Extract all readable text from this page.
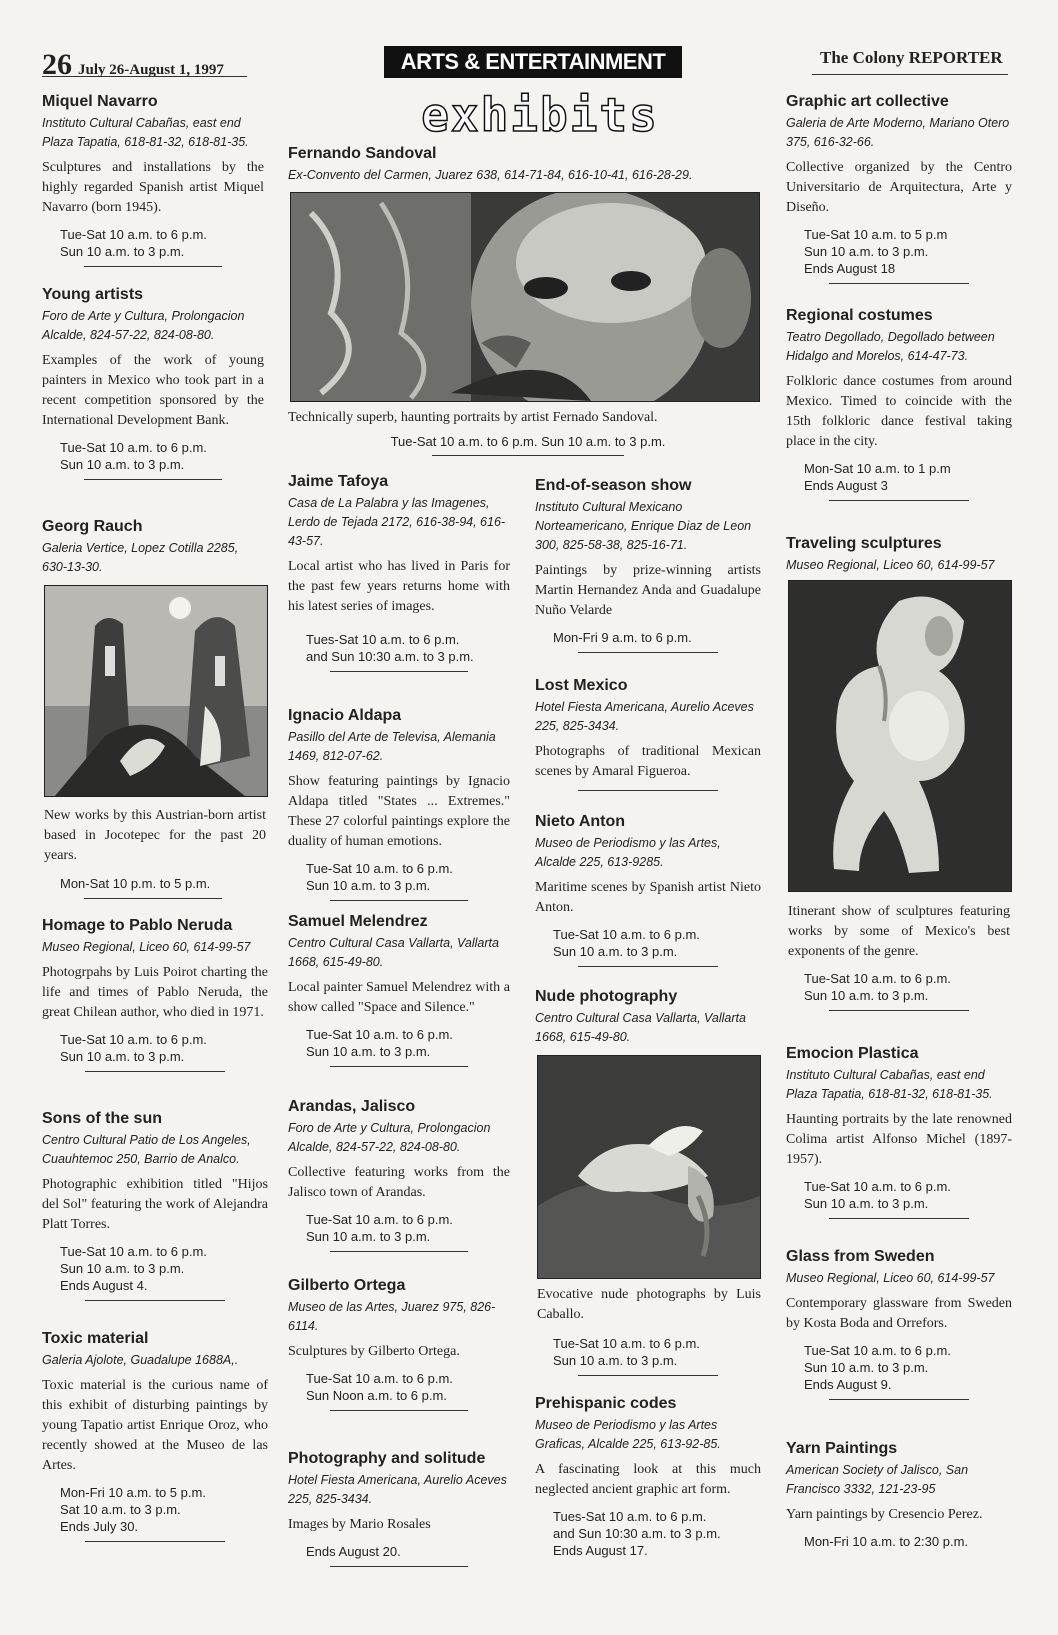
26 July 26-August 1, 1997	ARTS & ENTERTAINMENT	The Colony REPORTER
exhibits
Miquel Navarro
Instituto Cultural Cabañas, east end Plaza Tapatia, 618-81-32, 618-81-35.
Sculptures and installations by the highly regarded Spanish artist Miquel Navarro (born 1945).
Tue-Sat 10 a.m. to 6 p.m.
Sun 10 a.m. to 3 p.m.
Young artists
Foro de Arte y Cultura, Prolongacion Alcalde, 824-57-22, 824-08-80.
Examples of the work of young painters in Mexico who took part in a recent competition sponsored by the International Development Bank.
Tue-Sat 10 a.m. to 6 p.m.
Sun 10 a.m. to 3 p.m.
Georg Rauch
Galeria Vertice, Lopez Cotilla 2285, 630-13-30.
New works by this Austrian-born artist based in Jocotepec for the past 20 years.
Mon-Sat 10 p.m. to 5 p.m.
Homage to Pablo Neruda
Museo Regional, Liceo 60, 614-99-57
Photogrpahs by Luis Poirot charting the life and times of Pablo Neruda, the great Chilean author, who died in 1971.
Tue-Sat 10 a.m. to 6 p.m.
Sun 10 a.m. to 3 p.m.
Sons of the sun
Centro Cultural Patio de Los Angeles, Cuauhtemoc 250, Barrio de Analco.
Photographic exhibition titled "Hijos del Sol" featuring the work of Alejandra Platt Torres.
Tue-Sat 10 a.m. to 6 p.m.
Sun 10 a.m. to 3 p.m.
Ends August 4.
Toxic material
Galeria Ajolote, Guadalupe 1688A,.
Toxic material is the curious name of this exhibit of disturbing paintings by young Tapatio artist Enrique Oroz, who recently showed at the Museo de las Artes.
Mon-Fri 10 a.m. to 5 p.m.
Sat 10 a.m. to 3 p.m.
Ends July 30.
Fernando Sandoval
Ex-Convento del Carmen, Juarez 638, 614-71-84, 616-10-41, 616-28-29.
Technically superb, haunting portraits by artist Fernado Sandoval.
Tue-Sat 10 a.m. to 6 p.m. Sun 10 a.m. to 3 p.m.
Jaime Tafoya
Casa de La Palabra y las Imagenes, Lerdo de Tejada 2172, 616-38-94, 616-43-57.
Local artist who has lived in Paris for the past few years returns home with his latest series of images.
Tues-Sat 10 a.m. to 6 p.m.
and Sun 10:30 a.m. to 3 p.m.
Ignacio Aldapa
Pasillo del Arte de Televisa, Alemania 1469, 812-07-62.
Show featuring paintings by Ignacio Aldapa titled "States ... Extremes." These 27 colorful paintings explore the duality of human emotions.
Tue-Sat 10 a.m. to 6 p.m.
Sun 10 a.m. to 3 p.m.
Samuel Melendrez
Centro Cultural Casa Vallarta, Vallarta 1668, 615-49-80.
Local painter Samuel Melendrez with a show called "Space and Silence."
Tue-Sat 10 a.m. to 6 p.m.
Sun 10 a.m. to 3 p.m.
Arandas, Jalisco
Foro de Arte y Cultura, Prolongacion Alcalde, 824-57-22, 824-08-80.
Collective featuring works from the Jalisco town of Arandas.
Tue-Sat 10 a.m. to 6 p.m.
Sun 10 a.m. to 3 p.m.
Gilberto Ortega
Museo de las Artes, Juarez 975, 826-6114.
Sculptures by Gilberto Ortega.
Tue-Sat 10 a.m. to 6 p.m.
Sun Noon a.m. to 6 p.m.
Photography and solitude
Hotel Fiesta Americana, Aurelio Aceves 225, 825-3434.
Images by Mario Rosales
Ends August 20.
End-of-season show
Instituto Cultural Mexicano Norteamericano, Enrique Diaz de Leon 300, 825-58-38, 825-16-71.
Paintings by prize-winning artists Martin Hernandez Anda and Guadalupe Nuño Velarde
Mon-Fri 9 a.m. to 6 p.m.
Lost Mexico
Hotel Fiesta Americana, Aurelio Aceves 225, 825-3434.
Photographs of traditional Mexican scenes by Amaral Figueroa.
Nieto Anton
Museo de Periodismo y las Artes, Alcalde 225, 613-9285.
Maritime scenes by Spanish artist Nieto Anton.
Tue-Sat 10 a.m. to 6 p.m.
Sun 10 a.m. to 3 p.m.
Nude photography
Centro Cultural Casa Vallarta, Vallarta 1668, 615-49-80.
Evocative nude photographs by Luis Caballo.
Tue-Sat 10 a.m. to 6 p.m.
Sun 10 a.m. to 3 p.m.
Prehispanic codes
Museo de Periodismo y las Artes Graficas, Alcalde 225, 613-92-85.
A fascinating look at this much neglected ancient graphic art form.
Tues-Sat 10 a.m. to 6 p.m.
and Sun 10:30 a.m. to 3 p.m.
Ends August 17.
Graphic art collective
Galeria de Arte Moderno, Mariano Otero 375, 616-32-66.
Collective organized by the Centro Universitario de Arquitectura, Arte y Diseño.
Tue-Sat 10 a.m. to 5 p.m
Sun 10 a.m. to 3 p.m.
Ends August 18
Regional costumes
Teatro Degollado, Degollado between Hidalgo and Morelos, 614-47-73.
Folkloric dance costumes from around Mexico. Timed to coincide with the 15th folkloric dance festival taking place in the city.
Mon-Sat 10 a.m. to 1 p.m
Ends August 3
Traveling sculptures
Museo Regional, Liceo 60, 614-99-57
Itinerant show of sculptures featuring works by some of Mexico's best exponents of the genre.
Tue-Sat 10 a.m. to 6 p.m.
Sun 10 a.m. to 3 p.m.
Emocion Plastica
Instituto Cultural Cabañas, east end Plaza Tapatia, 618-81-32, 618-81-35.
Haunting portraits by the late renowned Colima artist Alfonso Michel (1897-1957).
Tue-Sat 10 a.m. to 6 p.m.
Sun 10 a.m. to 3 p.m.
Glass from Sweden
Museo Regional, Liceo 60, 614-99-57
Contemporary glassware from Sweden by Kosta Boda and Orrefors.
Tue-Sat 10 a.m. to 6 p.m.
Sun 10 a.m. to 3 p.m.
Ends August 9.
Yarn Paintings
American Society of Jalisco, San Francisco 3332, 121-23-95
Yarn paintings by Cresencio Perez.
Mon-Fri 10 a.m. to 2:30 p.m.
